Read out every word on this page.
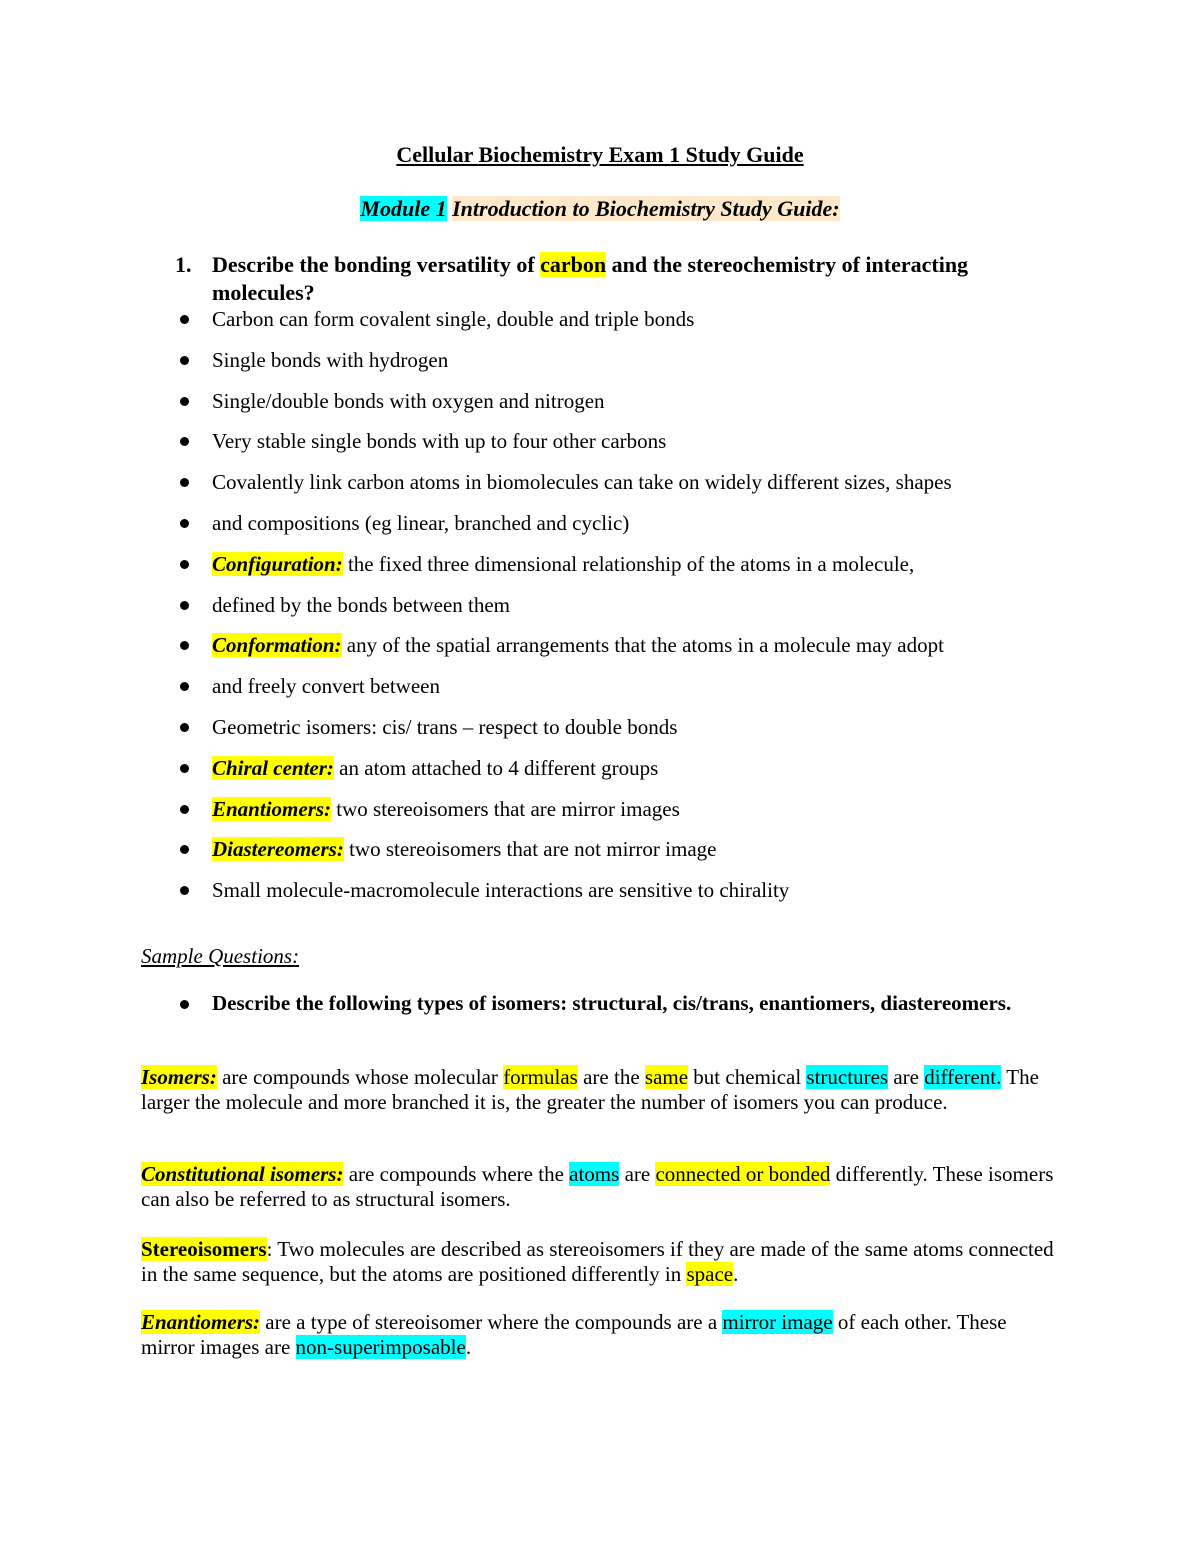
Cellular Biochemistry Exam 1 Study Guide
Module 1 Introduction to Biochemistry Study Guide:
1. Describe the bonding versatility of carbon and the stereochemistry of interacting molecules?
Carbon can form covalent single, double and triple bonds
Single bonds with hydrogen
Single/double bonds with oxygen and nitrogen
Very stable single bonds with up to four other carbons
Covalently link carbon atoms in biomolecules can take on widely different sizes, shapes
and compositions (eg linear, branched and cyclic)
Configuration: the fixed three dimensional relationship of the atoms in a molecule,
defined by the bonds between them
Conformation: any of the spatial arrangements that the atoms in a molecule may adopt
and freely convert between
Geometric isomers: cis/ trans – respect to double bonds
Chiral center: an atom attached to 4 different groups
Enantiomers: two stereoisomers that are mirror images
Diastereomers: two stereoisomers that are not mirror image
Small molecule-macromolecule interactions are sensitive to chirality
Sample Questions:
Describe the following types of isomers: structural, cis/trans, enantiomers, diastereomers.
Isomers: are compounds whose molecular formulas are the same but chemical structures are different. The larger the molecule and more branched it is, the greater the number of isomers you can produce.
Constitutional isomers: are compounds where the atoms are connected or bonded differently. These isomers can also be referred to as structural isomers.
Stereoisomers: Two molecules are described as stereoisomers if they are made of the same atoms connected in the same sequence, but the atoms are positioned differently in space.
Enantiomers: are a type of stereoisomer where the compounds are a mirror image of each other. These mirror images are non-superimposable.
